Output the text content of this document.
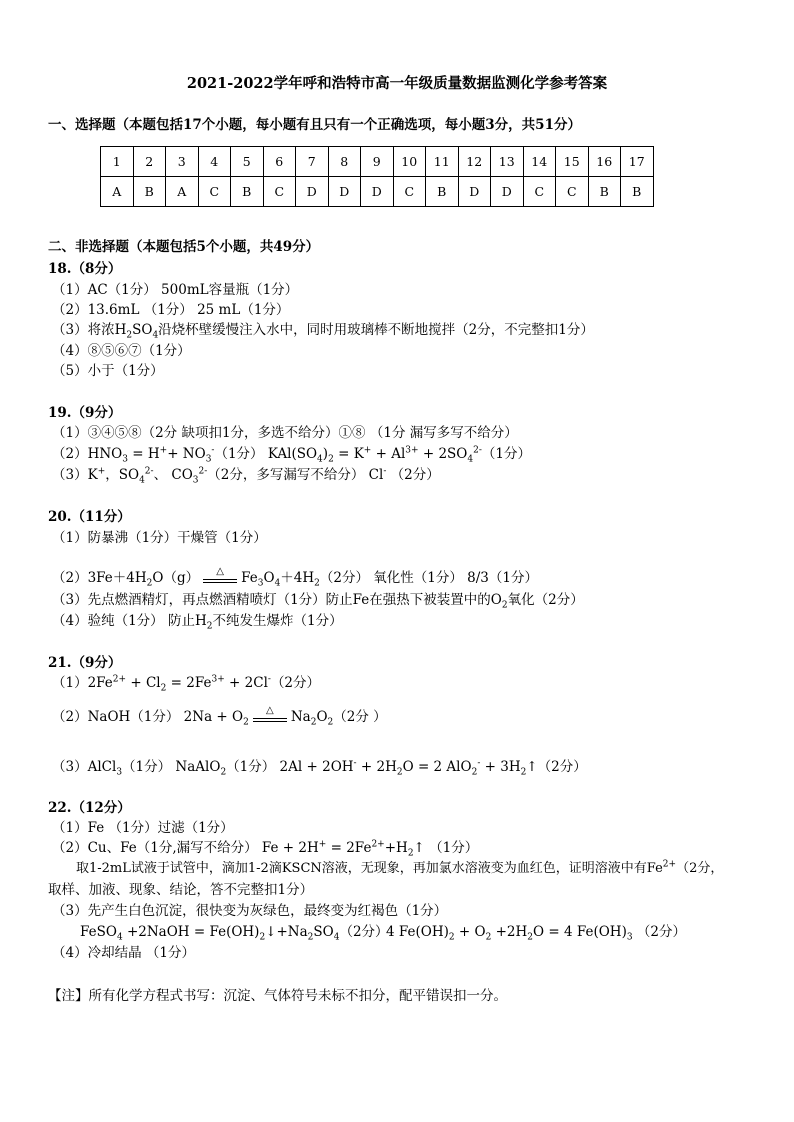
2021-2022学年呼和浩特市高一年级质量数据监测化学参考答案
一、选择题（本题包括17个小题，每小题有且只有一个正确选项，每小题3分，共51分）
1	2	3	4	5	6	7	8	9	10	11	12	13	14	15	16	17
A	B	A	C	B	C	D	D	D	C	B	D	D	C	C	B	B
二、非选择题（本题包括5个小题，共49分）
18.（8分）
（1）AC（1分） 500mL容量瓶（1分）
（2）13.6mL （1分） 25 mL（1分）
（3）将浓$H_2SO_4$沿烧杯壁缓慢注入水中，同时用玻璃棒不断地搅拌（2分，不完整扣1分）
（4）⑧⑤⑥⑦（1分）
（5）小于（1分）
19.（9分）
（1）③④⑤⑧（2分 缺项扣1分，多选不给分）①⑧ （1分 漏写多写不给分）
$(2)HNO_3 = H^++ NO_3^-(1$分） $KAl(SO_4)_2 = K^+ + Al^{3+} + 2SO_4^{2-}(1$分）
（3）K+，$SO_4^{2-}$、 $CO_3^{2-}(2$分，多写漏写不给分） Cl- （2分）
20.（11分）
（1）防暴沸（1分）干燥管（1分）
$(2)3Fe+4H_2O(g)$	△	$Fe_3O_4+4H_2(2$分） 氧化性（1分） 8/3（1分）
（3）先点燃酒精灯，再点燃酒精喷灯（1分）防止Fe在强热下被装置中的$O_2$氧化（2分）
（4）验纯（1分） 防止$H_2$不纯发生爆炸（1分）
21.（9分）
$(1)2Fe^{2+} + Cl_2 = 2Fe^{3+} + 2Cl^-(2$分）
（2）NaOH（1分） $2Na + O_2$
△	$Na_2O_2(2$分 ）
（3）AlCl$_3$（1分） NaAlO$_2$（1分） $2Al + 2OH^- + 2H_2O = 2$ $AlO_2^- + 3H_2↑(2$分）
22.（12分）
（1）Fe （1分）过滤（1分）
（2）Cu、Fe（1分,漏写不给分） $Fe + 2H^+ = 2Fe^{2+}+H_2↑$ （1分）
取1-2mL试液于试管中，滴加1-2滴KSCN溶液，无现象，再加氯水溶液变为血红色，证明溶液中有$Fe^{2+}(2$分，
取样、加液、现象、结论，答不完整扣1分）
（3）先产生白色沉淀，很快变为灰绿色，最终变为红褐色（1分）
FeSO$_4$ +2NaOH = $Fe(OH)_2↓+Na_2SO_4(2$分）
4 $Fe(OH)_2 + O_2 +2H_2O = 4$ $Fe(OH)_3$ （2分）
（4）冷却结晶 （1分）
【注】所有化学方程式书写：沉淀、气体符号未标不扣分，配平错误扣一分。
